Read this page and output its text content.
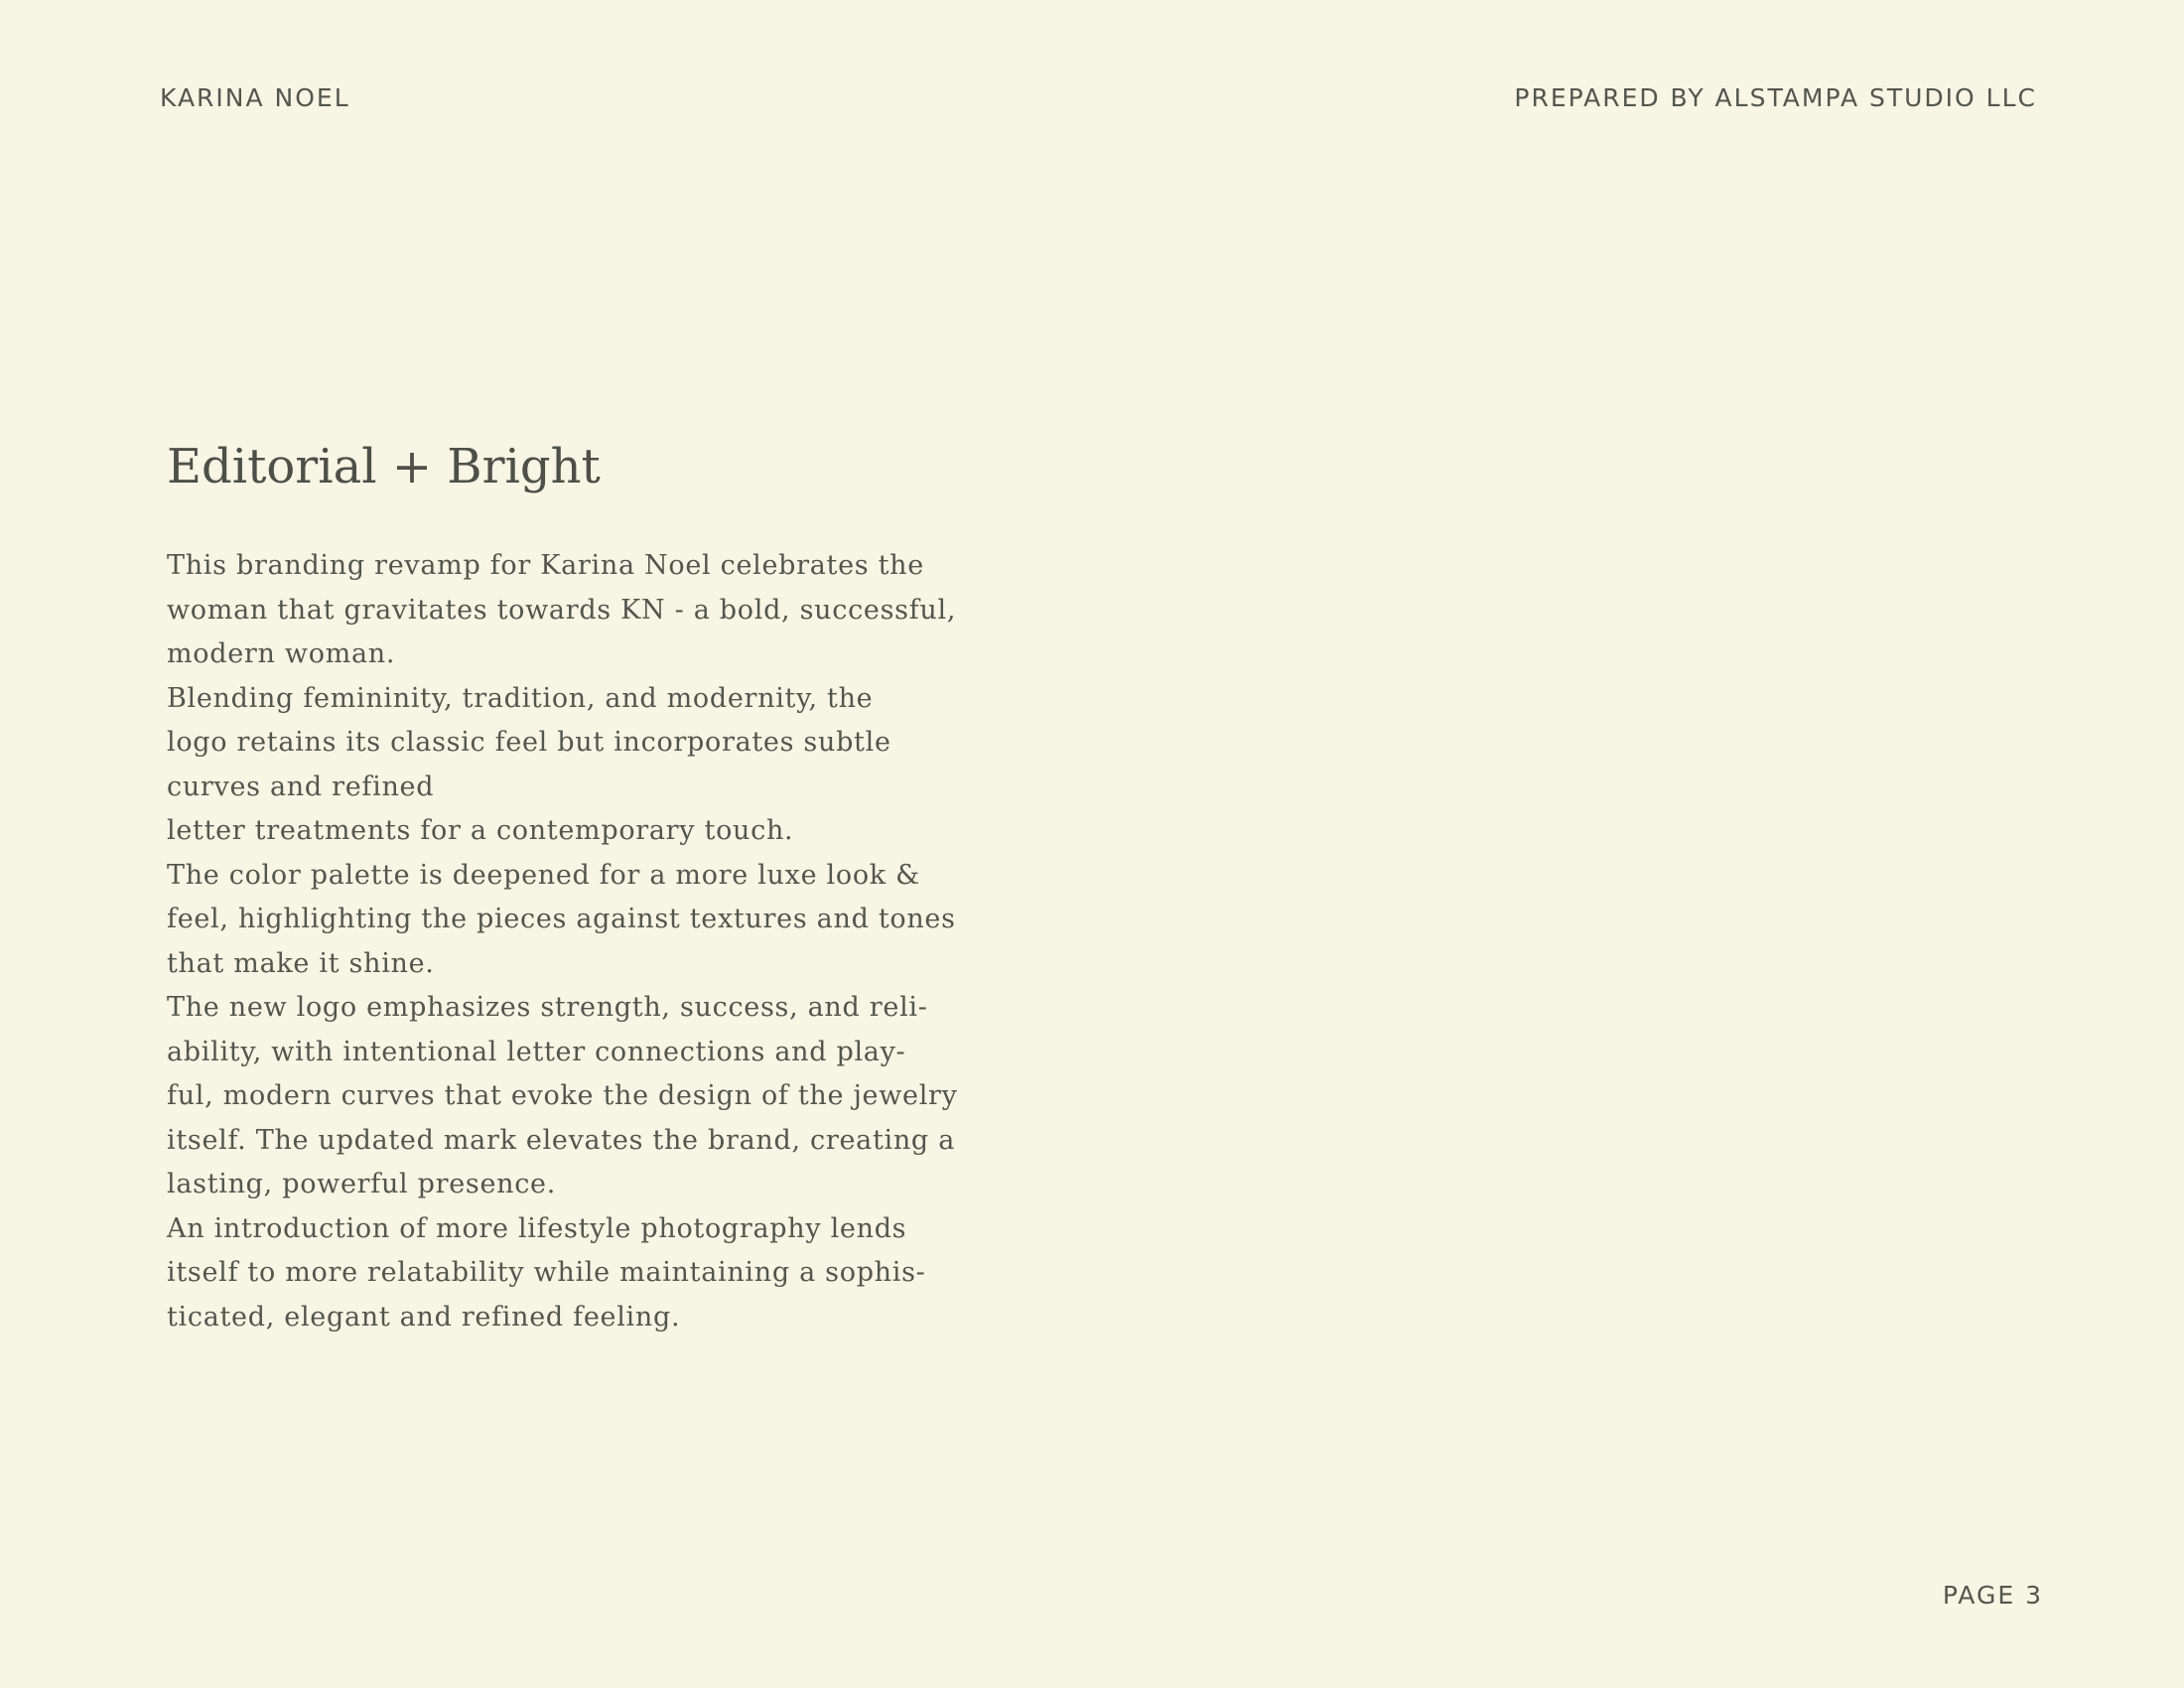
KARINA NOEL	PREPARED BY ALSTAMPA STUDIO LLC
Editorial + Bright
This branding revamp for Karina Noel celebrates the
woman that gravitates towards KN - a bold, successful,
modern woman.
Blending femininity, tradition, and modernity, the
logo retains its classic feel but incorporates subtle
curves and refined
letter treatments for a contemporary touch.
The color palette is deepened for a more luxe look &
feel, highlighting the pieces against textures and tones
that make it shine.
The new logo emphasizes strength, success, and reli-
ability, with intentional letter connections and play-
ful, modern curves that evoke the design of the jewelry
itself. The updated mark elevates the brand, creating a
lasting, powerful presence.
An introduction of more lifestyle photography lends
itself to more relatability while maintaining a sophis-
ticated, elegant and refined feeling.
PAGE 3
